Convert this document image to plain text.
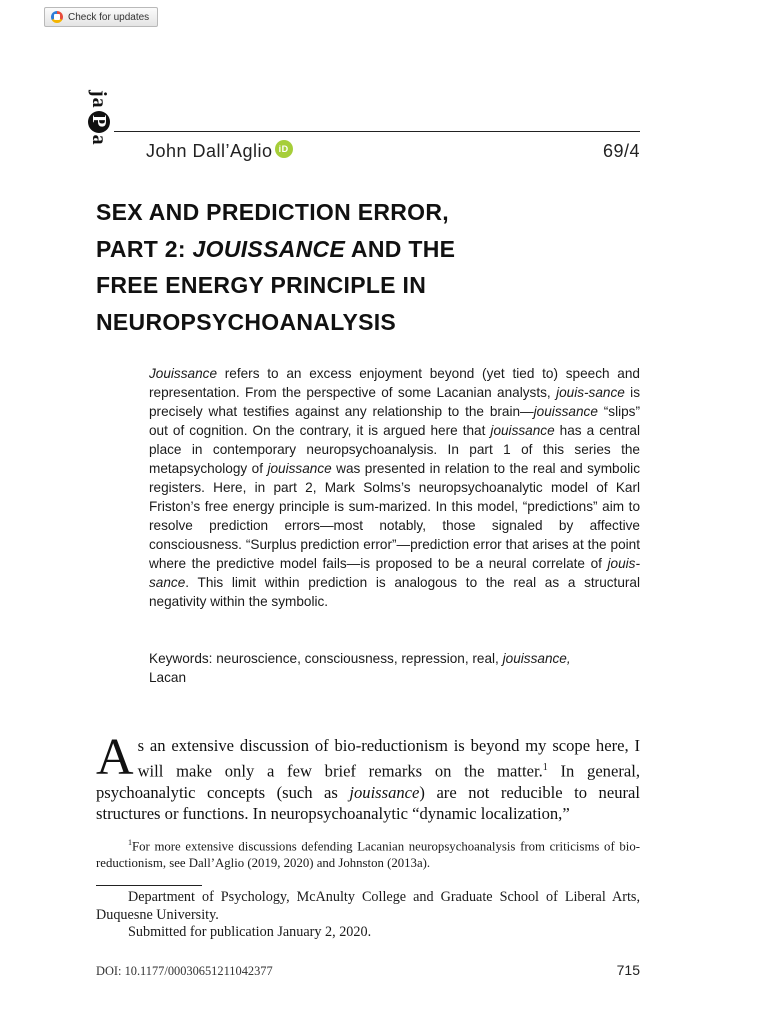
Check for updates
jaPa
John Dall’Aglio iD	69/4
SEX AND PREDICTION ERROR,
PART 2: JOUISSANCE AND THE
FREE ENERGY PRINCIPLE IN
NEUROPSYCHOANALYSIS

Jouissance refers to an excess enjoyment beyond (yet tied to) speech and representation. From the perspective of some Lacanian analysts, jouis-sance is precisely what testifies against any relationship to the brain—jouissance “slips” out of cognition. On the contrary, it is argued here that jouissance has a central place in contemporary neuropsychoanalysis. In part 1 of this series the metapsychology of jouissance was presented in relation to the real and symbolic registers. Here, in part 2, Mark Solms’s neuropsychoanalytic model of Karl Friston’s free energy principle is sum-marized. In this model, “predictions” aim to resolve prediction errors—most notably, those signaled by affective consciousness. “Surplus prediction error”—prediction error that arises at the point where the predictive model fails—is proposed to be a neural correlate of jouis-sance. This limit within prediction is analogous to the real as a structural negativity within the symbolic.

Keywords: neuroscience, consciousness, repression, real, jouissance,
Lacan

As an extensive discussion of bio-reductionism is beyond my scope here, I will make only a few brief remarks on the matter.$^1$ In general, psychoanalytic concepts (such as jouissance) are not reducible to neural structures or functions. In neuropsychoanalytic “dynamic localization,”

$^1$For more extensive discussions defending Lacanian neuropsychoanalysis from criticisms of bio-reductionism, see Dall’Aglio (2019, 2020) and Johnston (2013a).

Department of Psychology, McAnulty College and Graduate School of Liberal Arts, Duquesne University.

Submitted for publication January 2, 2020.
DOI: 10.1177/00030651211042377	715
